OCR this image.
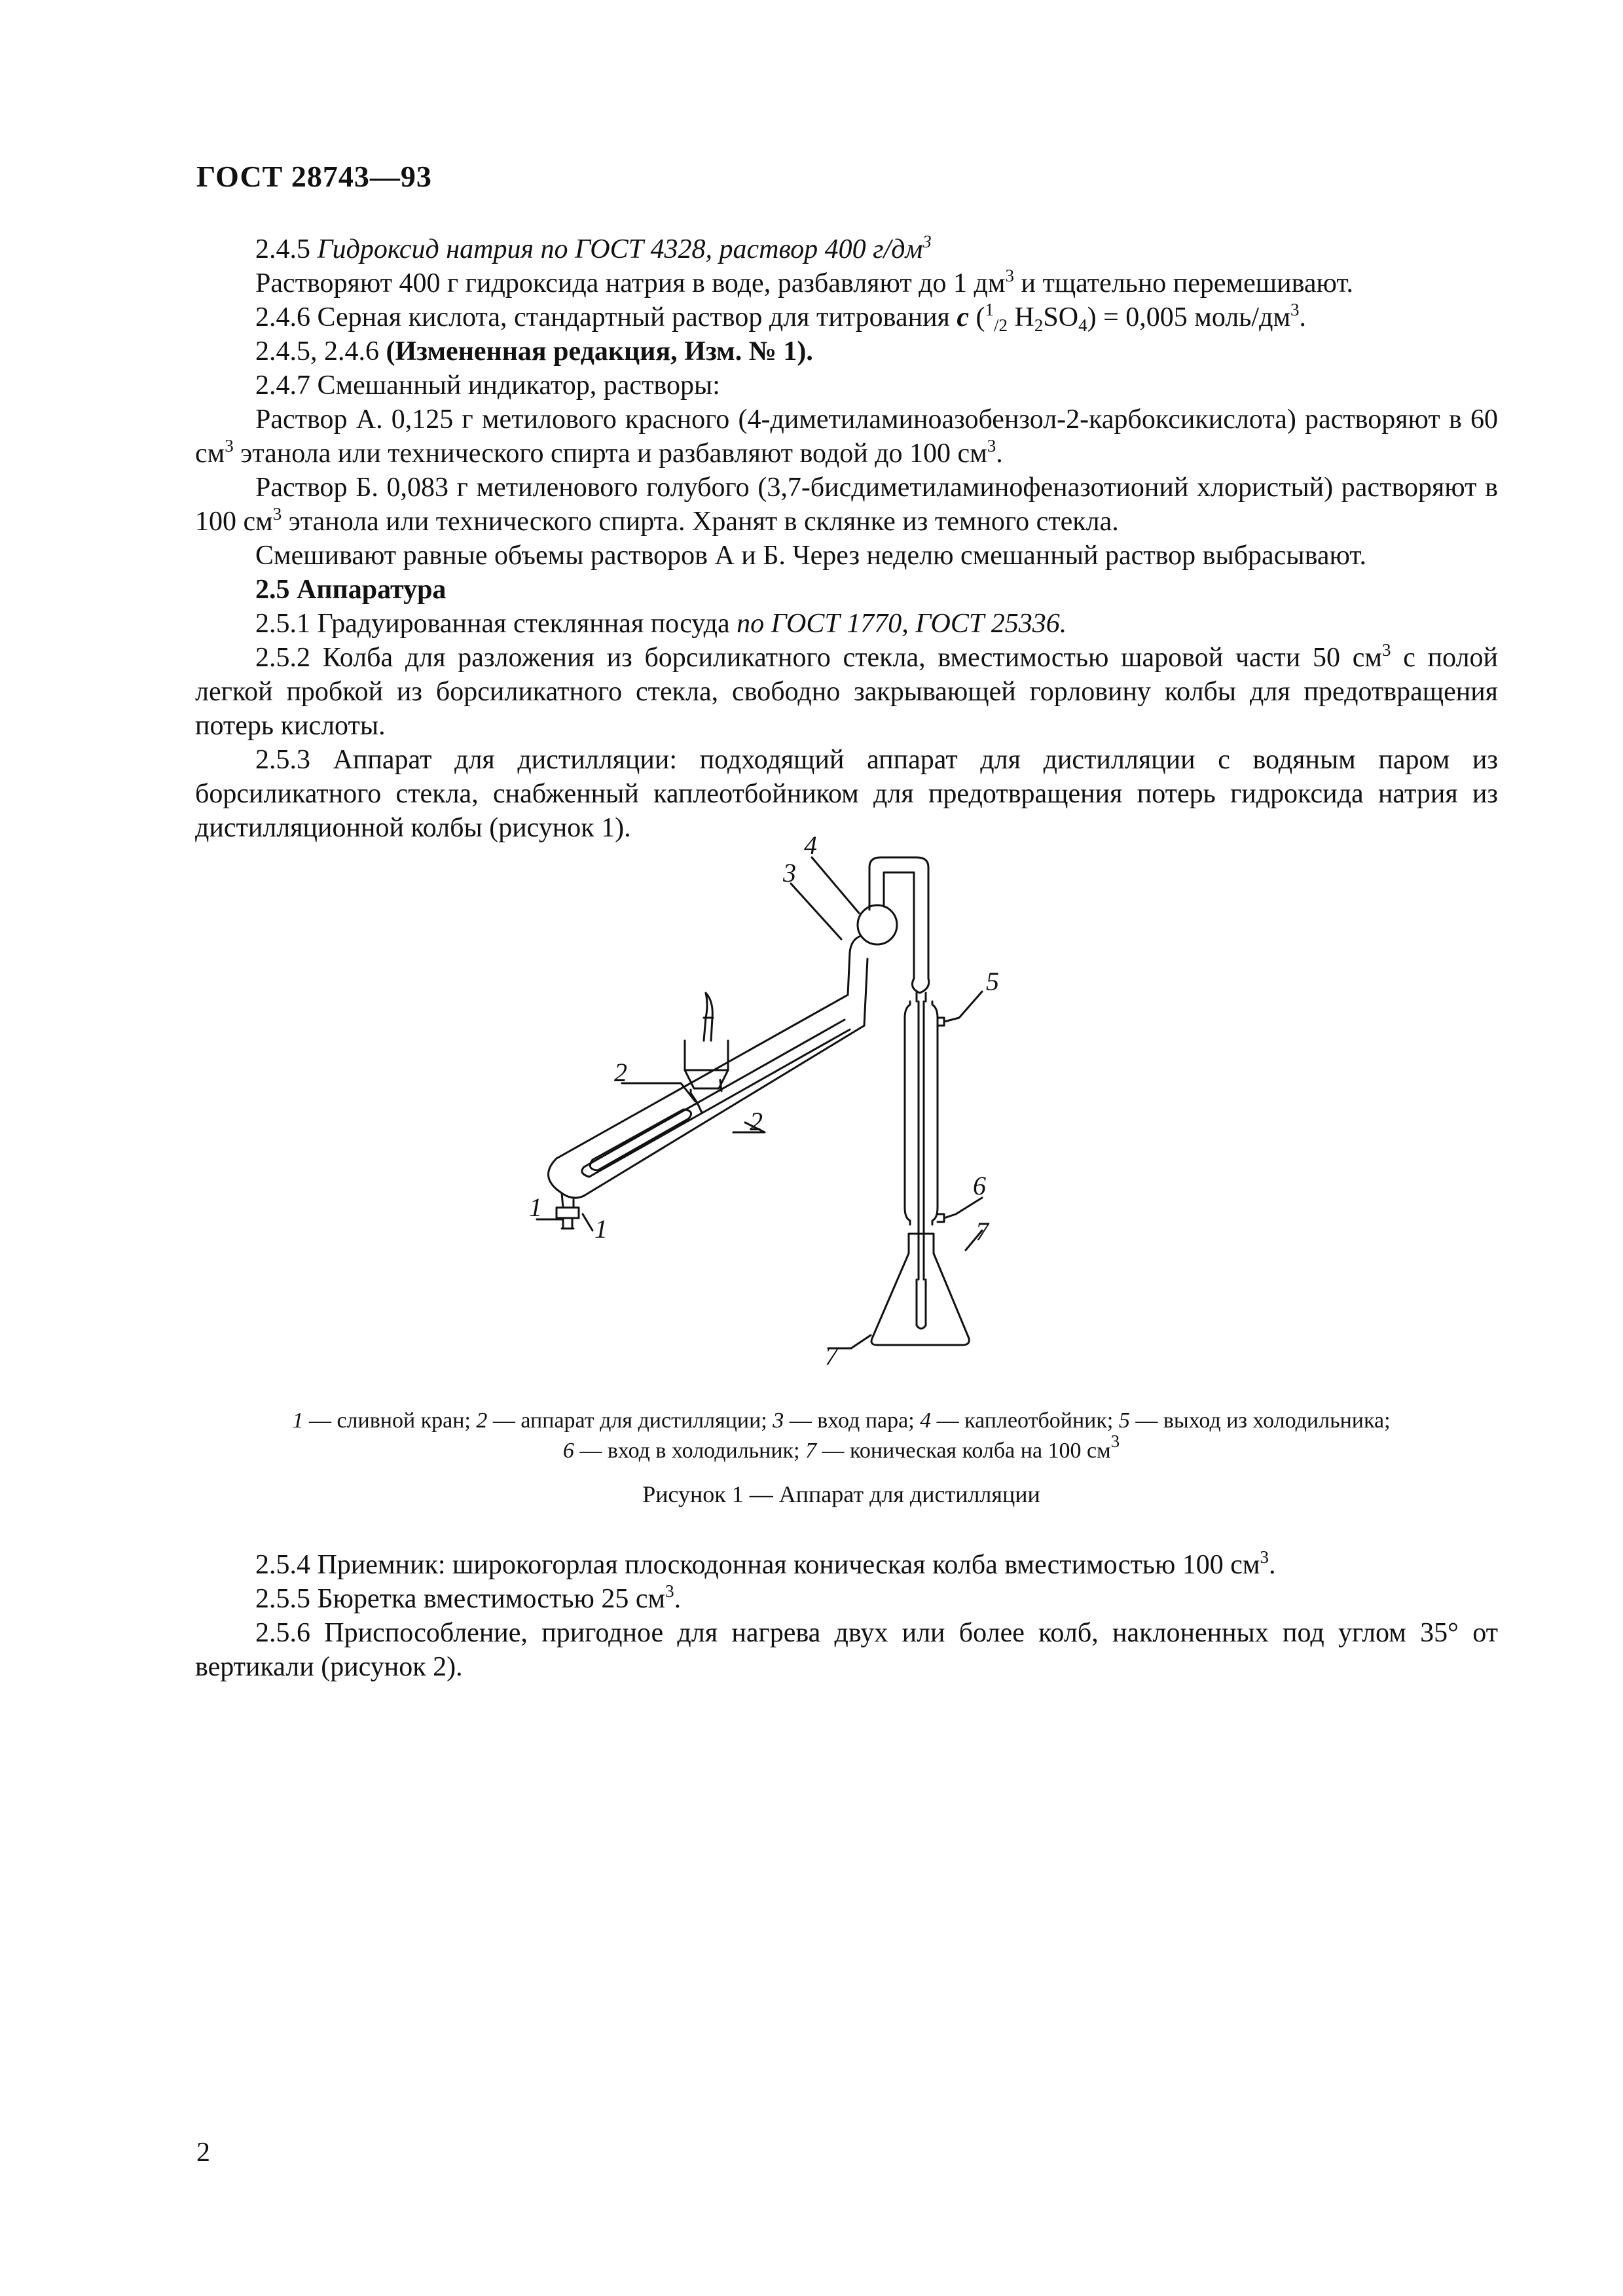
ГОСТ 28743—93

2.4.5 Гидроксид натрия по ГОСТ 4328, раствор 400 $г/дм^3$

Растворяют 400 г гидроксида натрия в воде, разбавляют до 1 $дм^3$ и тщательно перемешивают.

2.4.6 Серная кислота, стандартный раствор для титрования c ($^1_{/2}$ $H_2SO_4) = 0,005$ моль/$дм^3$.

2.4.5, 2.4.6 (Измененная редакция, Изм. № 1).

2.4.7 Смешанный индикатор, растворы:

Раствор А. 0,125 г метилового красного (4-диметиламиноазобензол-2-карбоксикислота) растворяют в 60 $см^3$ этанола или технического спирта и разбавляют водой до 100 $см^3$.

Раствор Б. 0,083 г метиленового голубого (3,7-бисдиметиламинофеназотионий хлористый) растворяют в 100 $см^3$ этанола или технического спирта. Хранят в склянке из темного стекла.

Смешивают равные объемы растворов А и Б. Через неделю смешанный раствор выбрасывают.

2.5 Аппаратура

2.5.1 Градуированная стеклянная посуда по ГОСТ 1770, ГОСТ 25336.

2.5.2 Колба для разложения из борсиликатного стекла, вместимостью шаровой части 50 $см^3$ с полой легкой пробкой из борсиликатного стекла, свободно закрывающей горловину колбы для предотвращения потерь кислоты.

2.5.3 Аппарат для дистилляции: подходящий аппарат для дистилляции с водяным паром из борсиликатного стекла, снабженный каплеотбойником для предотвращения потерь гидроксида натрия из дистилляционной колбы (рисунок 1).

4
3
2
2
1
1
5
6
7
7
1 — сливной кран; 2 — аппарат для дистилляции; 3 — вход пара; 4 — каплеотбойник; 5 — выход из холодильника;
6 — вход в холодильник; 7 — коническая колба на 100 $см^3$
Рисунок 1 — Аппарат для дистилляции

2.5.4 Приемник: широкогорлая плоскодонная коническая колба вместимостью 100 $см^3$.

2.5.5 Бюретка вместимостью 25 $см^3$.

2.5.6 Приспособление, пригодное для нагрева двух или более колб, наклоненных под углом 35° от вертикали (рисунок 2).

2
